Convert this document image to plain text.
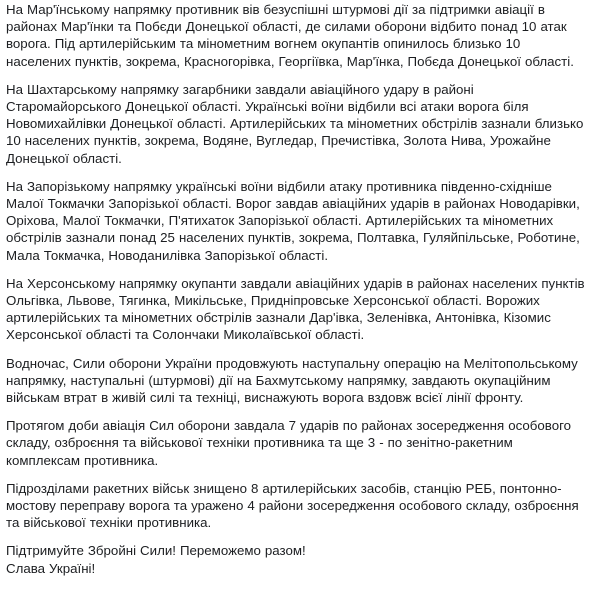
На Мар'їнському напрямку противник вів безуспішні штурмові дії за підтримки авіації в
районах Мар'їнки та Побєди Донецької області, де силами оборони відбито понад 10 атак
ворога. Під артилерійським та мінометним вогнем окупантів опинилось близько 10
населених пунктів, зокрема, Красногорівка, Георгіївка, Мар'їнка, Побєда Донецької області.

На Шахтарському напрямку загарбники завдали авіаційного удару в районі
Старомайорського Донецької області. Українські воїни відбили всі атаки ворога біля
Новомихайлівки Донецької області. Артилерійських та мінометних обстрілів зазнали близько
10 населених пунктів, зокрема, Водяне, Вугледар, Пречистівка, Золота Нива, Урожайне
Донецької області.

На Запорізькому напрямку українські воїни відбили атаку противника південно-східніше
Малої Токмачки Запорізької області. Ворог завдав авіаційних ударів в районах Новодарівки,
Оріхова, Малої Токмачки, П'ятихаток Запорізької області. Артилерійських та мінометних
обстрілів зазнали понад 25 населених пунктів, зокрема, Полтавка, Гуляйпільське, Роботине,
Мала Токмачка, Новоданилівка Запорізької області.

На Херсонському напрямку окупанти завдали авіаційних ударів в районах населених пунктів
Ольгівка, Львове, Тягинка, Микільське, Придніпровське Херсонської області. Ворожих
артилерійських та мінометних обстрілів зазнали Дар'івка, Зеленівка, Антонівка, Кізомис
Херсонської області та Солончаки Миколаївської області.

Водночас, Сили оборони України продовжують наступальну операцію на Мелітопольському
напрямку, наступальні (штурмові) дії на Бахмутському напрямку, завдають окупаційним
військам втрат в живій силі та техніці, виснажують ворога вздовж всієї лінії фронту.

Протягом доби авіація Сил оборони завдала 7 ударів по районах зосередження особового
складу, озброєння та військової техніки противника та ще 3 - по зенітно-ракетним
комплексам противника.

Підрозділами ракетних військ знищено 8 артилерійських засобів, станцію РЕБ, понтонно-
мостову переправу ворога та уражено 4 райони зосередження особового складу, озброєння
та військової техніки противника.

Підтримуйте Збройні Сили! Переможемо разом!
Слава Україні!
